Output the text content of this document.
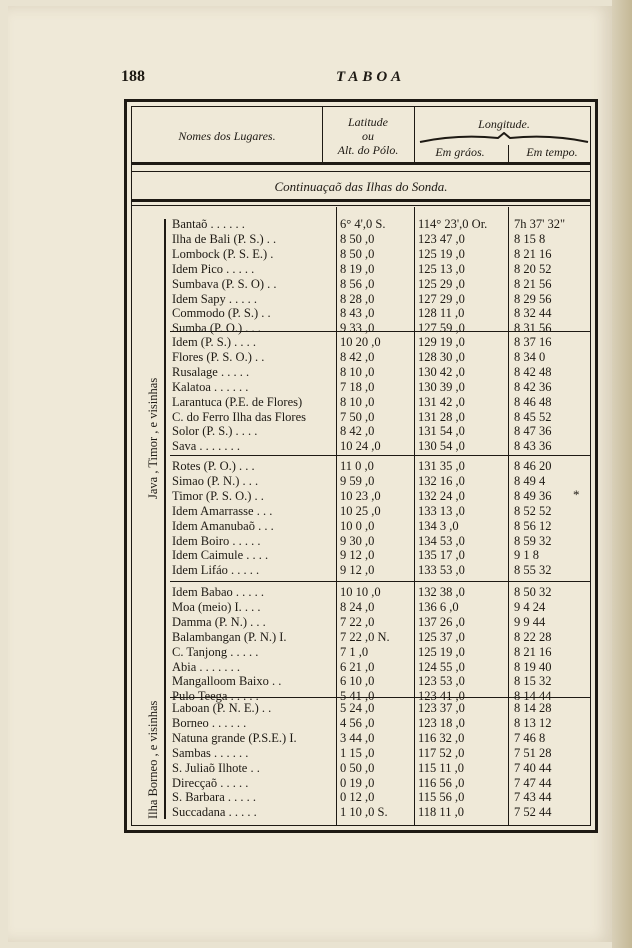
188	TABOA
Nomes dos Lugares.
Latitude
ou
Alt. do Pólo.
Longitude.
Em gráos.	Em tempo.
Continuaçaõ das Ilhas do Sonda.
Java , Timor , e visinhas
Ilha Borneo , e visinhas
Bantaõ . . . . . .	6° 4',0 S.	114° 23',0 Or.	7h 37' 32"
Ilha de Bali (P. S.) . .	8 50 ,0	123 47 ,0	8 15 8
Lombock (P. S. E.) .	8 50 ,0	125 19 ,0	8 21 16
Idem Pico . . . . .	8 19 ,0	125 13 ,0	8 20 52
Sumbava (P. S. O) . .	8 56 ,0	125 29 ,0	8 21 56
Idem Sapy . . . . .	8 28 ,0	127 29 ,0	8 29 56
Commodo (P. S.) . .	8 43 ,0	128 11 ,0	8 32 44
Sumba (P. O.) . . .	9 33 ,0	127 59 ,0	8 31 56
Idem (P. S.) . . . .	10 20 ,0	129 19 ,0	8 37 16
Flores (P. S. O.) . .	8 42 ,0	128 30 ,0	8 34 0
Rusalage . . . . .	8 10 ,0	130 42 ,0	8 42 48
Kalatoa . . . . . .	7 18 ,0	130 39 ,0	8 42 36
Larantuca (P.E. de Flores)	8 10 ,0	131 42 ,0	8 46 48
C. do Ferro Ilha das Flores	7 50 ,0	131 28 ,0	8 45 52
Solor (P. S.) . . . .	8 42 ,0	131 54 ,0	8 47 36
Sava . . . . . . .	10 24 ,0	130 54 ,0	8 43 36
Rotes (P. O.) . . .	11 0 ,0	131 35 ,0	8 46 20
Simao (P. N.) . . .	9 59 ,0	132 16 ,0	8 49 4
Timor (P. S. O.) . .	10 23 ,0	132 24 ,0	8 49 36
Idem Amarrasse . . .	10 25 ,0	133 13 ,0	8 52 52
Idem Amanubaõ . . .	10 0 ,0	134 3 ,0	8 56 12
Idem Boiro . . . . .	9 30 ,0	134 53 ,0	8 59 32
Idem Caimule . . . .	9 12 ,0	135 17 ,0	9 1 8
Idem Lifáo . . . . .	9 12 ,0	133 53 ,0	8 55 32
Idem Babao . . . . .	10 10 ,0	132 38 ,0	8 50 32
Moa (meio) I. . . .	8 24 ,0	136 6 ,0	9 4 24
Damma (P. N.) . . .	7 22 ,0	137 26 ,0	9 9 44
Balambangan (P. N.) I.	7 22 ,0 N.	125 37 ,0	8 22 28
C. Tanjong . . . . .	7 1 ,0	125 19 ,0	8 21 16
Abia . . . . . . .	6 21 ,0	124 55 ,0	8 19 40
Mangalloom Baixo . .	6 10 ,0	123 53 ,0	8 15 32
Pulo Teega . . . . .	5 41 ,0	123 41 ,0	8 14 44
Laboan (P. N. E.) . .	5 24 ,0	123 37 ,0	8 14 28
Borneo . . . . . .	4 56 ,0	123 18 ,0	8 13 12
Natuna grande (P.S.E.) I.	3 44 ,0	116 32 ,0	7 46 8
Sambas . . . . . .	1 15 ,0	117 52 ,0	7 51 28
S. Juliaõ Ilhote . .	0 50 ,0	115 11 ,0	7 40 44
Direcçaõ . . . . .	0 19 ,0	116 56 ,0	7 47 44
S. Barbara . . . . .	0 12 ,0	115 56 ,0	7 43 44
Succadana . . . . .	1 10 ,0 S.	118 11 ,0	7 52 44
*
